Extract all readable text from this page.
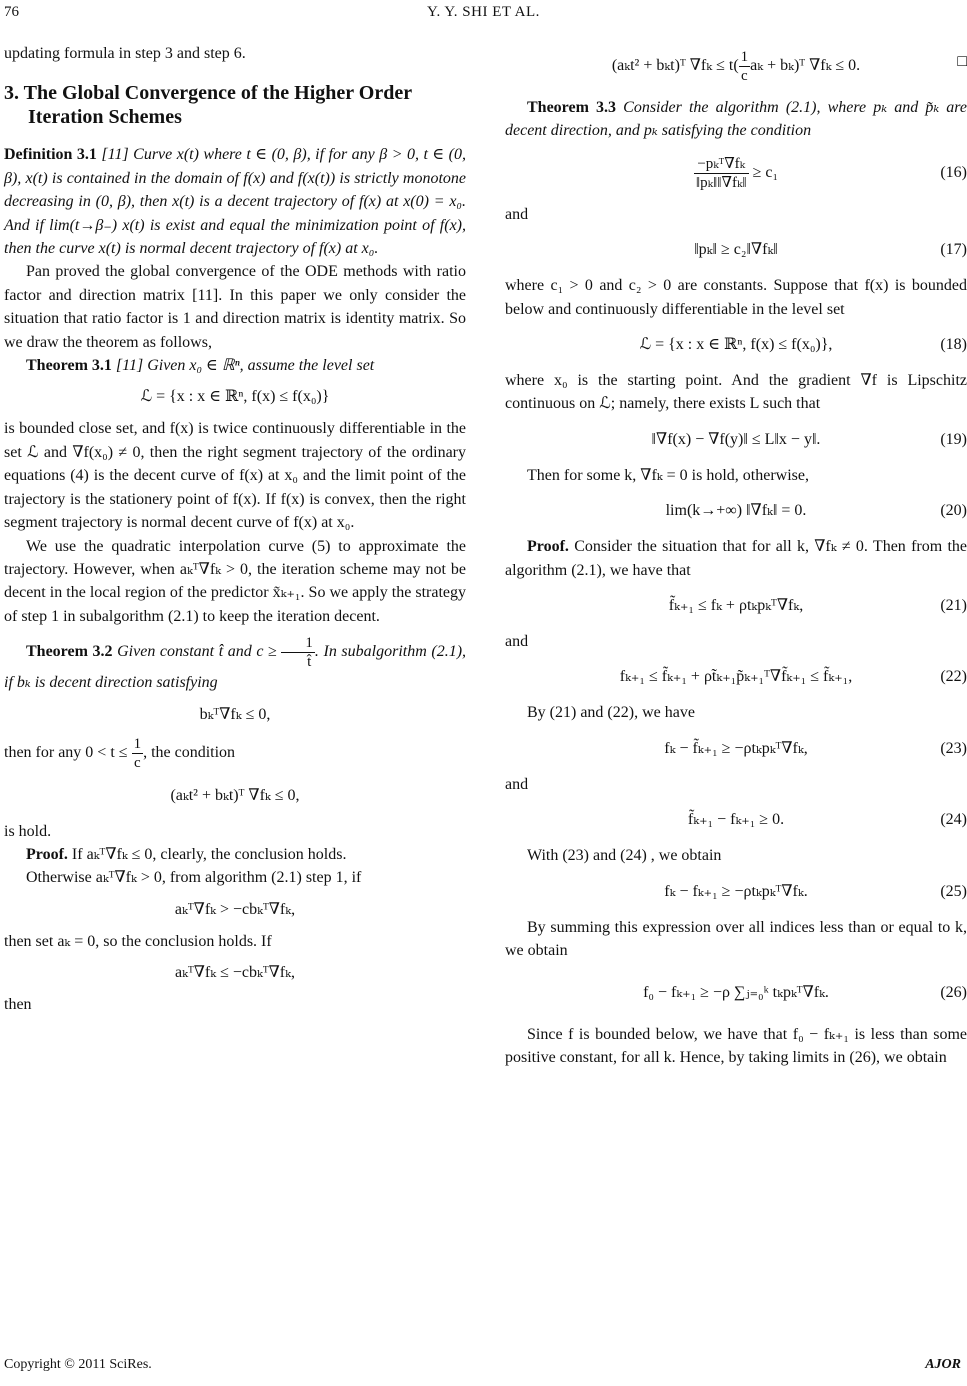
76	Y. Y. SHI ET AL.

updating formula in step 3 and step 6.

3. The Global Convergence of the Higher Order Iteration Schemes

Definition 3.1 [11] Curve x(t) where t ∈ (0, β), if for any β > 0, t ∈ (0, β), x(t) is contained in the domain of f(x) and f(x(t)) is strictly monotone decreasing in (0, β), then x(t) is a decent trajectory of f(x) at x(0) = x₀. And if lim(t→β₋) x(t) is exist and equal the minimization point of f(x), then the curve x(t) is normal decent trajectory of f(x) at x₀.

Pan proved the global convergence of the ODE methods with ratio factor and direction matrix [11]. In this paper we only consider the situation that ratio factor is 1 and direction matrix is identity matrix. So we draw the theorem as follows,

Theorem 3.1 [11] Given x₀ ∈ ℝⁿ, assume the level set

ℒ = {x : x ∈ ℝⁿ, f(x) ≤ f(x₀)}

is bounded close set, and f(x) is twice continuously differentiable in the set ℒ and ∇f(x₀) ≠ 0, then the right segment trajectory of the ordinary equations (4) is the decent curve of f(x) at x₀ and the limit point of the trajectory is the stationery point of f(x). If f(x) is convex, then the right segment trajectory is normal decent curve of f(x) at x₀.

We use the quadratic interpolation curve (5) to approximate the trajectory. However, when aₖᵀ∇fₖ > 0, the iteration scheme may not be decent in the local region of the predictor x̃ₖ₊₁. So we apply the strategy of step 1 in subalgorithm (2.1) to keep the iteration decent.

Theorem 3.2 Given constant t̂ and $c \ge \frac{1}{t̂}$ . In subalgorithm (2.1), if bₖ is decent direction satisfying

bₖᵀ∇fₖ ≤ 0,

then for any $0 < t \le \frac{1}{c}$ , the condition

(aₖt² + bₖt)ᵀ ∇fₖ ≤ 0,

is hold.

Proof. If aₖᵀ∇fₖ ≤ 0, clearly, the conclusion holds.

Otherwise aₖᵀ∇fₖ > 0, from algorithm (2.1) step 1, if

aₖᵀ∇fₖ > −cbₖᵀ∇fₖ,

then set aₖ = 0, so the conclusion holds. If

aₖᵀ∇fₖ ≤ −cbₖᵀ∇fₖ,

then

(aₖt² + bₖt)ᵀ $\nabla f_k \le t( \frac{1}{c}$ aₖ + bₖ)ᵀ ∇fₖ ≤ 0.	□

Theorem 3.3 Consider the algorithm (2.1), where pₖ and p̃ₖ are decent direction, and pₖ satisfying the condition

$\frac{\text{−pₖᵀ∇fₖ}}{\text{‖pₖ‖‖∇fₖ‖}} \ge c_1$	(16)

and

‖pₖ‖ ≥ c₂‖∇fₖ‖	(17)

where c₁ > 0 and c₂ > 0 are constants. Suppose that f(x) is bounded below and continuously differentiable in the level set

ℒ = {x : x ∈ ℝⁿ, f(x) ≤ f(x₀)},	(18)

where x₀ is the starting point. And the gradient ∇f is Lipschitz continuous on ℒ; namely, there exists L such that

‖∇f(x) − ∇f(y)‖ ≤ L‖x − y‖.	(19)

Then for some k, ∇fₖ = 0 is hold, otherwise,

lim(k→+∞) ‖∇fₖ‖ = 0.	(20)

Proof. Consider the situation that for all k, ∇fₖ ≠ 0. Then from the algorithm (2.1), we have that

f̃ₖ₊₁ ≤ fₖ + ρtₖpₖᵀ∇fₖ,	(21)

and

fₖ₊₁ ≤ f̃ₖ₊₁ + ρt̃ₖ₊₁p̃ₖ₊₁ᵀ∇f̃ₖ₊₁ ≤ f̃ₖ₊₁,	(22)

By (21) and (22), we have

fₖ − f̃ₖ₊₁ ≥ −ρtₖpₖᵀ∇fₖ,	(23)

and

f̃ₖ₊₁ − fₖ₊₁ ≥ 0.	(24)

With (23) and (24) , we obtain

fₖ − fₖ₊₁ ≥ −ρtₖpₖᵀ∇fₖ.	(25)

By summing this expression over all indices less than or equal to k, we obtain

f₀ − fₖ₊₁ ≥ −ρ ∑ⱼ₌₀ᵏ tₖpₖᵀ∇fₖ.	(26)

Since f is bounded below, we have that f₀ − fₖ₊₁ is less than some positive constant, for all k. Hence, by taking limits in (26), we obtain

Copyright © 2011 SciRes.	AJOR
